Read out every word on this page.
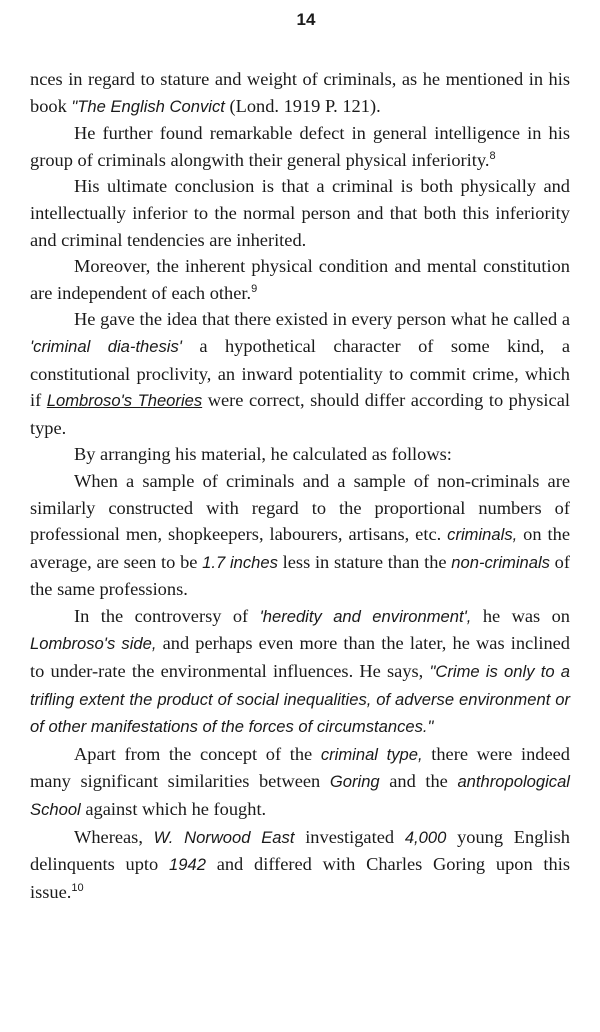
14

nces in regard to stature and weight of criminals, as he mentioned in his book "The English Convict (Lond. 1919 P. 121).

He further found remarkable defect in general intelligence in his group of criminals alongwith their general physical inferiority.$^8$

His ultimate conclusion is that a criminal is both physically and intellectually inferior to the normal person and that both this inferiority and criminal tendencies are inherited.

Moreover, the inherent physical condition and mental constitution are independent of each other.$^9$

He gave the idea that there existed in every person what he called a 'criminal dia-thesis' a hypothetical character of some kind, a constitutional proclivity, an inward potentiality to commit crime, which if Lombroso's Theories were correct, should differ according to physical type.

By arranging his material, he calculated as follows:

When a sample of criminals and a sample of non-criminals are similarly constructed with regard to the proportional numbers of professional men, shopkeepers, labourers, artisans, etc. criminals, on the average, are seen to be 1.7 inches less in stature than the non-criminals of the same professions.

In the controversy of 'heredity and environment', he was on Lombroso's side, and perhaps even more than the later, he was inclined to under-rate the environmental influences. He says, "Crime is only to a trifling extent the product of social inequalities, of adverse environment or of other manifestations of the forces of circumstances."

Apart from the concept of the criminal type, there were indeed many significant similarities between Goring and the anthropological School against which he fought.

Whereas, W. Norwood East investigated 4,000 young English delinquents upto 1942 and differed with Charles Goring upon this issue.$^{10}$
